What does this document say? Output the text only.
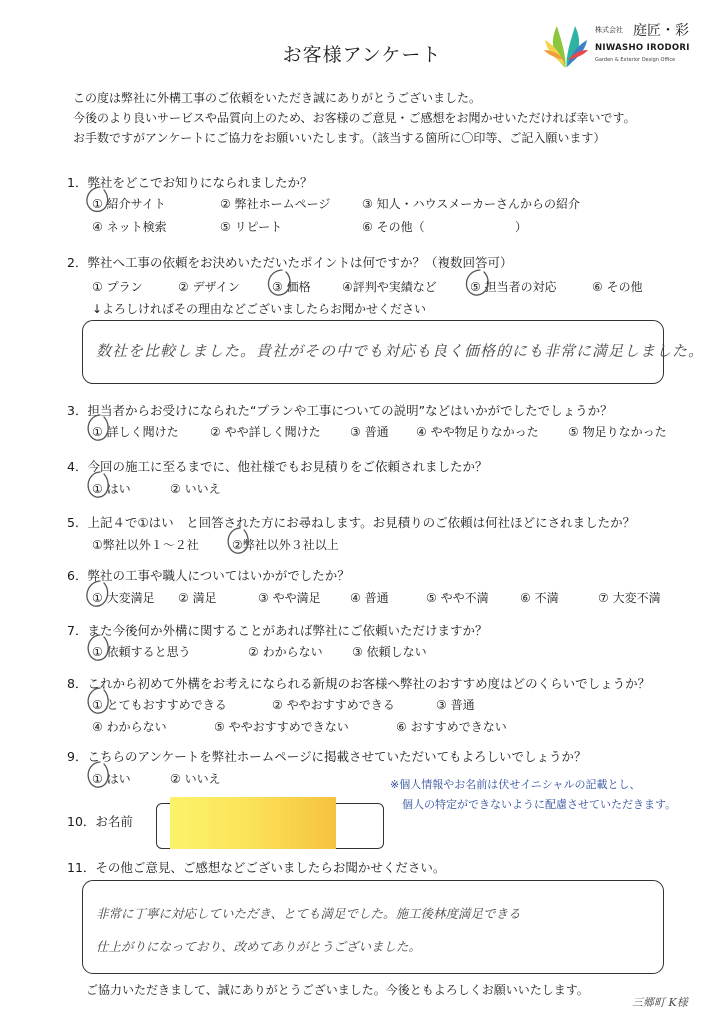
お客様アンケート
株式会社 庭匠・彩
NIWASHO IRODORI
Garden & Exterior Design Office
この度は弊社に外構工事のご依頼をいただき誠にありがとうございました。
今後のより良いサービスや品質向上のため、お客様のご意見・ご感想をお聞かせいただければ幸いです。
お手数ですがアンケートにご協力をお願いいたします。（該当する箇所に〇印等、ご記入願います）
1．弊社をどこでお知りになられましたか？
① 紹介サイト	② 弊社ホームページ	③ 知人・ハウスメーカーさんからの紹介
④ ネット検索	⑤ リピート	⑥ その他（	）
2．弊社へ工事の依頼をお決めいただいたポイントは何ですか？（複数回答可）
① プラン	② デザイン	③ 価格	④評判や実績など	⑤ 担当者の対応	⑥ その他
↓よろしければその理由などございましたらお聞かせください
数社を比較しました。貴社がその中でも対応も良く価格的にも非常に満足しました。
3．担当者からお受けになられた“プランや工事についての説明”などはいかがでしたでしょうか？
① 詳しく聞けた	② やや詳しく聞けた ③ 普通 ④ やや物足りなかった ⑤ 物足りなかった
4．今回の施工に至るまでに、他社様でもお見積りをご依頼されましたか？
① はい	② いいえ
5．上記４で①はい　と回答された方にお尋ねします。お見積りのご依頼は何社ほどにされましたか？
①弊社以外１～２社	②弊社以外３社以上
6．弊社の工事や職人についてはいかがでしたか？
① 大変満足 ② 満足	③ やや満足 ④ 普通	⑤ やや不満	⑥ 不満	⑦ 大変不満
7．また今後何か外構に関することがあれば弊社にご依頼いただけますか？
① 依頼すると思う	② わからない ③ 依頼しない
8．これから初めて外構をお考えになられる新規のお客様へ弊社のおすすめ度はどのくらいでしょうか？
① とてもおすすめできる	② ややおすすめできる	③ 普通
④ わからない	⑤ ややおすすめできない	⑥ おすすめできない
9．こちらのアンケートを弊社ホームページに掲載させていただいてもよろしいでしょうか？
① はい	② いいえ	※個人情報やお名前は伏せイニシャルの記載とし、
個人の特定ができないように配慮させていただきます。
10．お名前
11．その他ご意見、ご感想などございましたらお聞かせください。
非常に丁寧に対応していただき、とても満足でした。施工後林度満足できる
仕上がりになっており、改めてありがとうございました。
ご協力いただきまして、誠にありがとうございました。今後ともよろしくお願いいたします。
三郷町 K様
